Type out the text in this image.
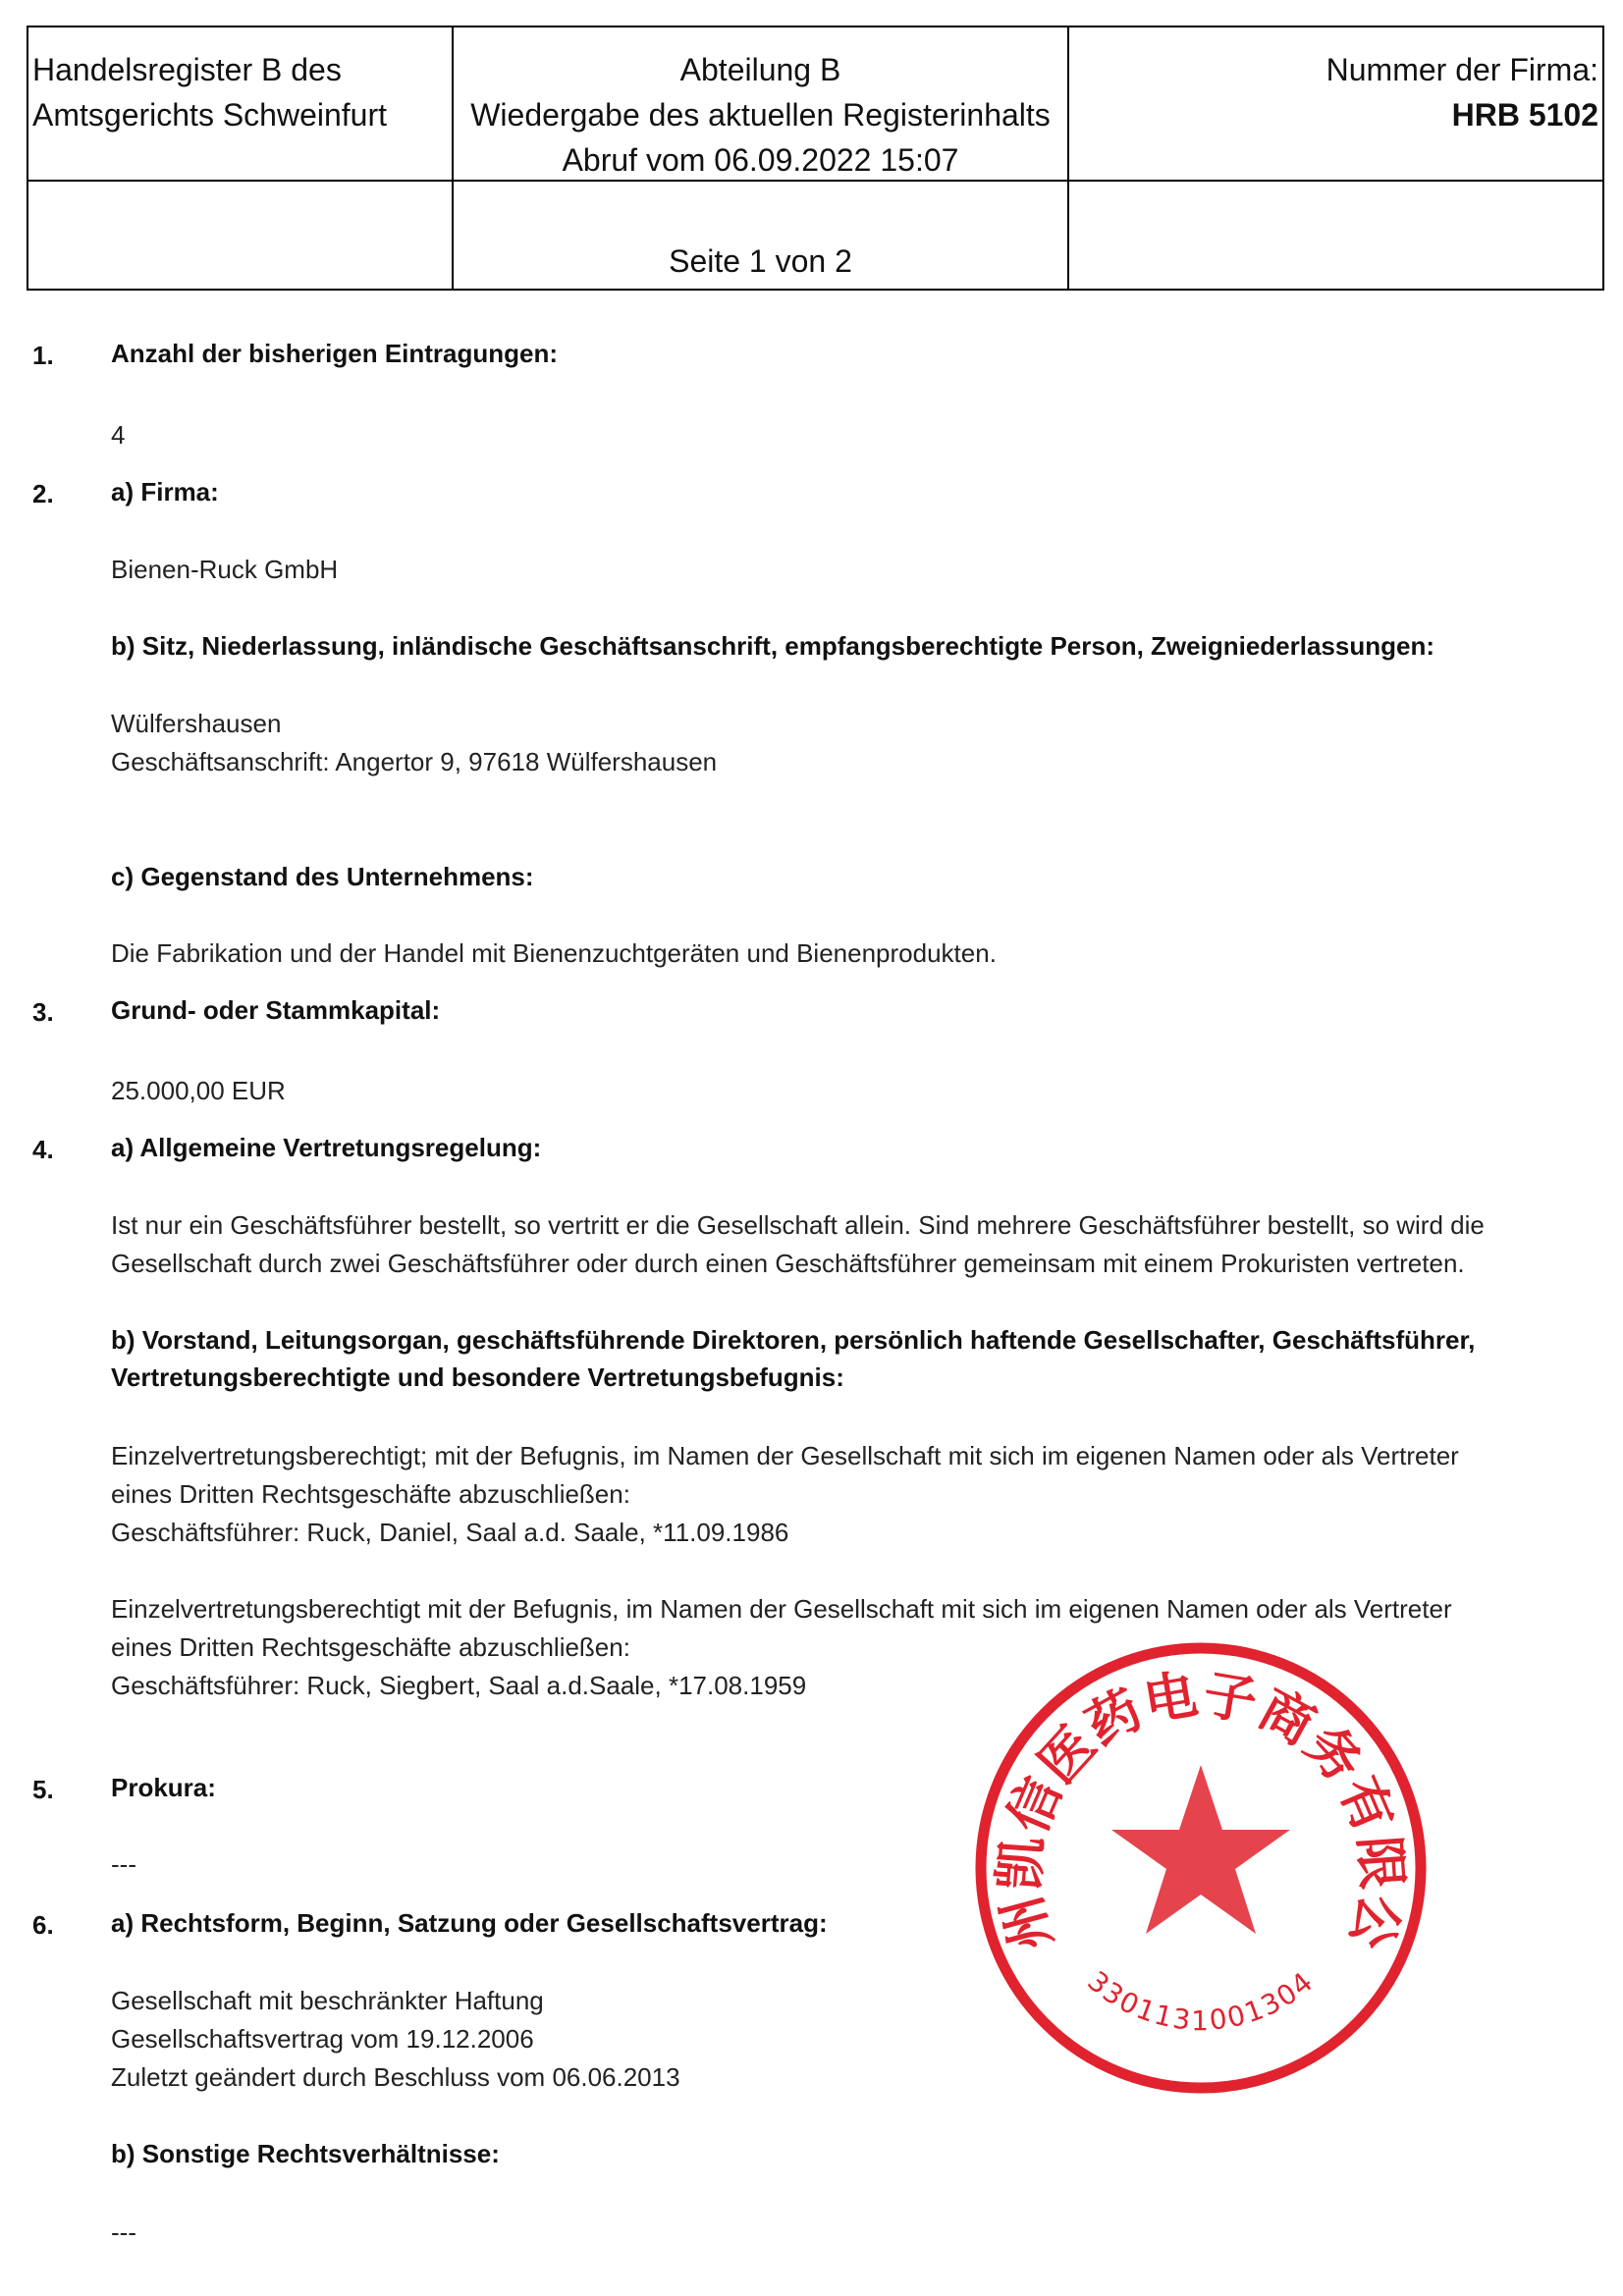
Handelsregister B des
Amtsgerichts Schweinfurt
Abteilung B
Wiedergabe des aktuellen Registerinhalts
Abruf vom 06.09.2022 15:07
Nummer der Firma:
HRB 5102
Seite 1 von 2
1. Anzahl der bisherigen Eintragungen:
4
2. a) Firma:
Bienen-Ruck GmbH
b) Sitz, Niederlassung, inländische Geschäftsanschrift, empfangsberechtigte Person, Zweigniederlassungen:
Wülfershausen
Geschäftsanschrift: Angertor 9, 97618 Wülfershausen
c) Gegenstand des Unternehmens:
Die Fabrikation und der Handel mit Bienenzuchtgeräten und Bienenprodukten.
3. Grund- oder Stammkapital:
25.000,00 EUR
4. a) Allgemeine Vertretungsregelung:
Ist nur ein Geschäftsführer bestellt, so vertritt er die Gesellschaft allein. Sind mehrere Geschäftsführer bestellt, so wird die
Gesellschaft durch zwei Geschäftsführer oder durch einen Geschäftsführer gemeinsam mit einem Prokuristen vertreten.
b) Vorstand, Leitungsorgan, geschäftsführende Direktoren, persönlich haftende Gesellschafter, Geschäftsführer,
Vertretungsberechtigte und besondere Vertretungsbefugnis:
Einzelvertretungsberechtigt; mit der Befugnis, im Namen der Gesellschaft mit sich im eigenen Namen oder als Vertreter
eines Dritten Rechtsgeschäfte abzuschließen:
Geschäftsführer: Ruck, Daniel, Saal a.d. Saale, *11.09.1986
Einzelvertretungsberechtigt mit der Befugnis, im Namen der Gesellschaft mit sich im eigenen Namen oder als Vertreter
eines Dritten Rechtsgeschäfte abzuschließen:
Geschäftsführer: Ruck, Siegbert, Saal a.d.Saale, *17.08.1959
5. Prokura:
---
6. a) Rechtsform, Beginn, Satzung oder Gesellschaftsvertrag:
Gesellschaft mit beschränkter Haftung
Gesellschaftsvertrag vom 19.12.2006
Zuletzt geändert durch Beschluss vom 06.06.2013
b) Sonstige Rechtsverhältnisse:
---
州凯信医药电子商务有限公
3301131001304
